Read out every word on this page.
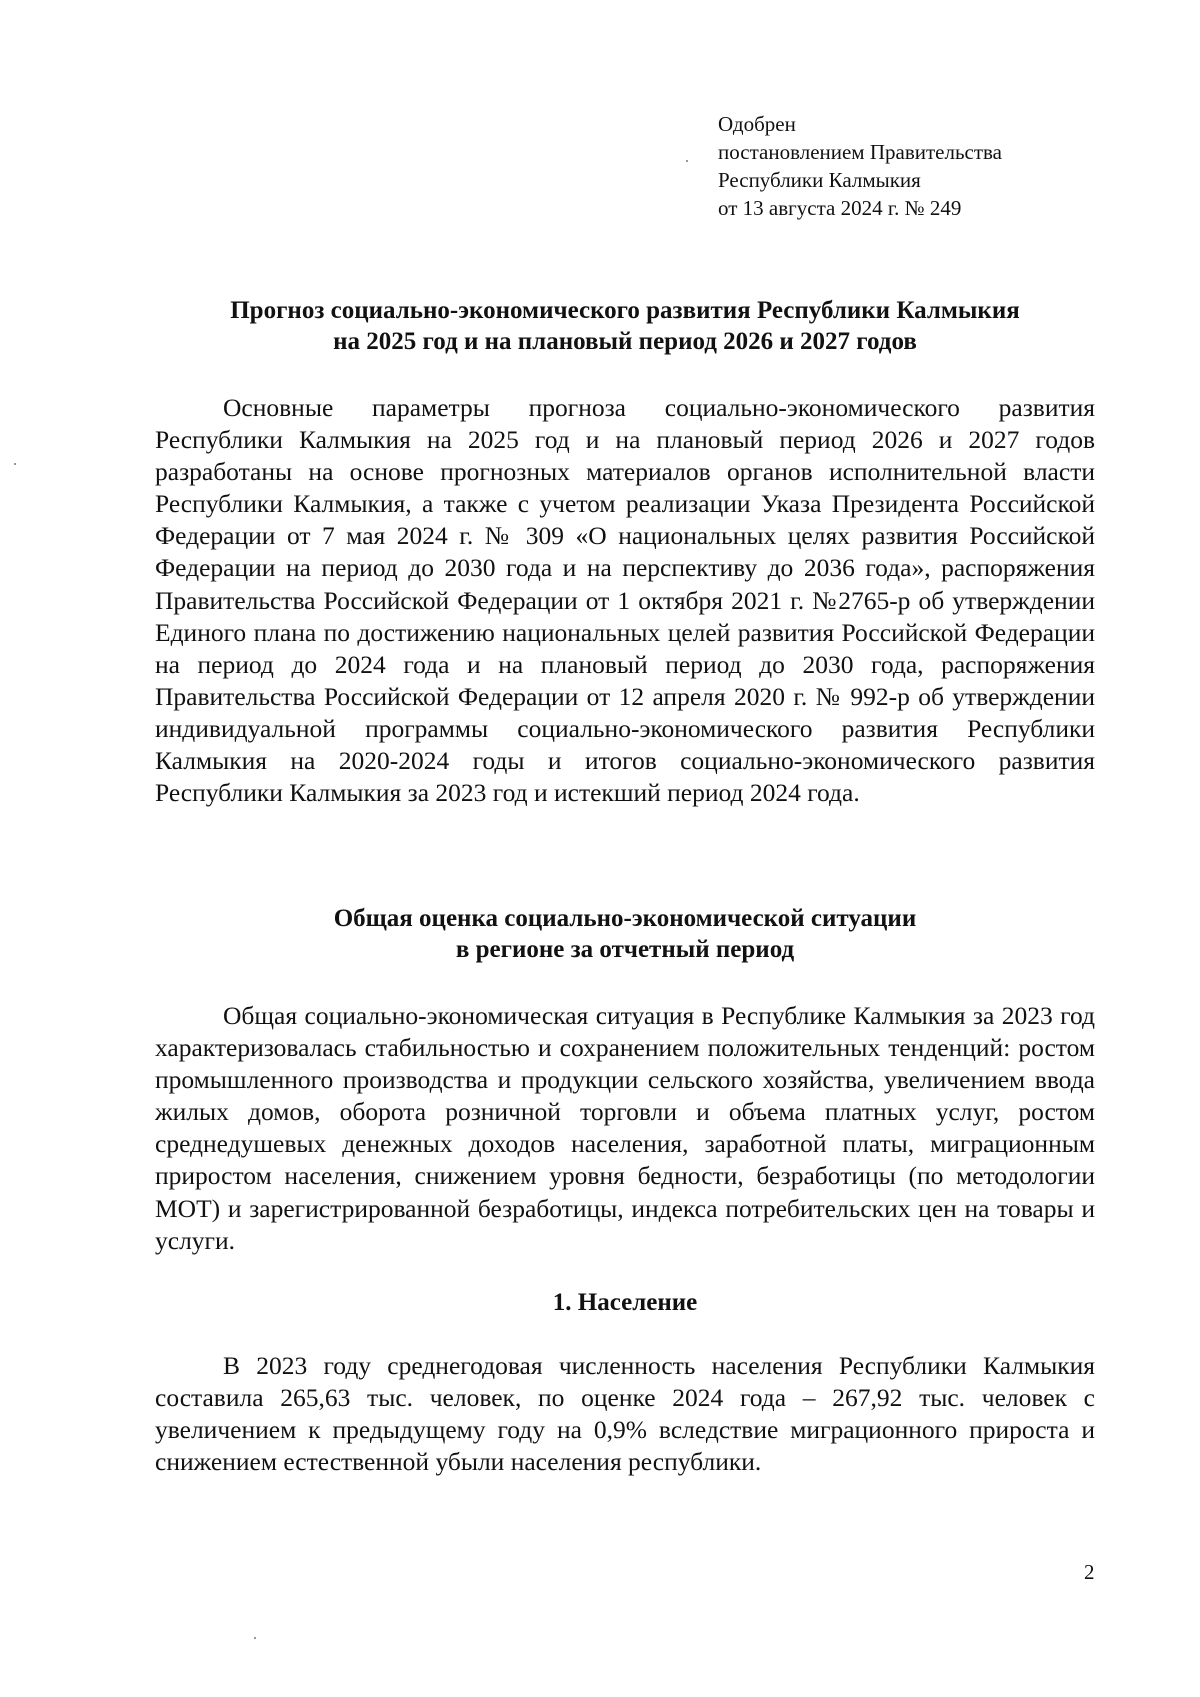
Одобрен
постановлением Правительства
Республики Калмыкия
от 13 августа 2024 г. № 249
Прогноз социально-экономического развития Республики Калмыкия
на 2025 год и на плановый период 2026 и 2027 годов
Основные параметры прогноза социально-экономического развития Республики Калмыкия на 2025 год и на плановый период 2026 и 2027 годов разработаны на основе прогнозных материалов органов исполнительной власти Республики Калмыкия, а также с учетом реализации Указа Президента Российской Федерации от 7 мая 2024 г. № 309 «О национальных целях развития Российской Федерации на период до 2030 года и на перспективу до 2036 года», распоряжения Правительства Российской Федерации от 1 октября 2021 г. №2765-р об утверждении Единого плана по достижению национальных целей развития Российской Федерации на период до 2024 года и на плановый период до 2030 года, распоряжения Правительства Российской Федерации от 12 апреля 2020 г. № 992-р об утверждении индивидуальной программы социально-экономического развития Республики Калмыкия на 2020-2024 годы и итогов социально-экономического развития Республики Калмыкия за 2023 год и истекший период 2024 года.
Общая оценка социально-экономической ситуации
в регионе за отчетный период
Общая социально-экономическая ситуация в Республике Калмыкия за 2023 год характеризовалась стабильностью и сохранением положительных тенденций: ростом промышленного производства и продукции сельского хозяйства, увеличением ввода жилых домов, оборота розничной торговли и объема платных услуг, ростом среднедушевых денежных доходов населения, заработной платы, миграционным приростом населения, снижением уровня бедности, безработицы (по методологии МОТ) и зарегистрированной безработицы, индекса потребительских цен на товары и услуги.
1. Население
В 2023 году среднегодовая численность населения Республики Калмыкия составила 265,63 тыс. человек, по оценке 2024 года – 267,92 тыс. человек с увеличением к предыдущему году на 0,9% вследствие миграционного прироста и снижением естественной убыли населения республики.
2
